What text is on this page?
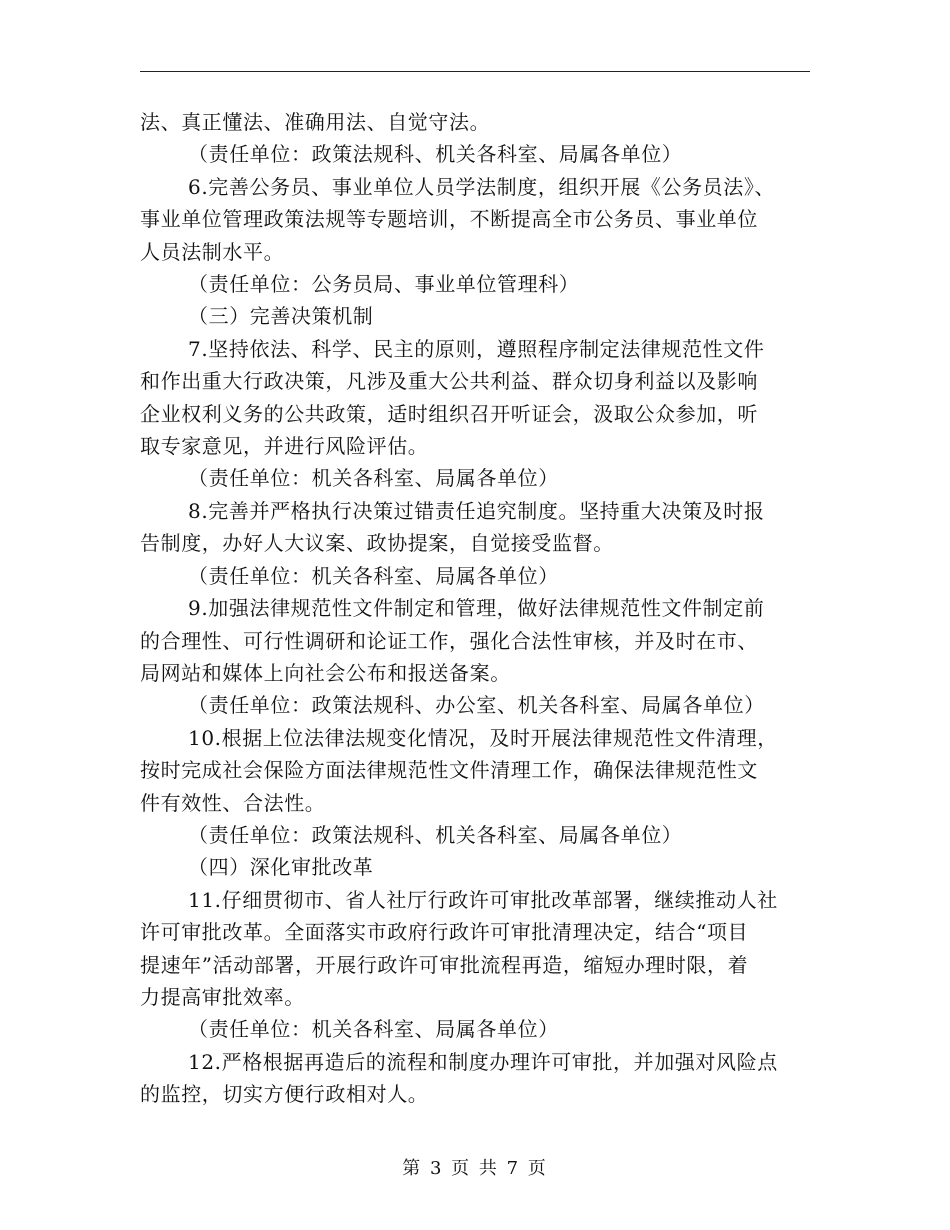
法、真正懂法、准确用法、自觉守法。
（责任单位：政策法规科、机关各科室、局属各单位）
6.完善公务员、事业单位人员学法制度，组织开展《公务员法》、
事业单位管理政策法规等专题培训，不断提高全市公务员、事业单位
人员法制水平。
（责任单位：公务员局、事业单位管理科）
（三）完善决策机制
7.坚持依法、科学、民主的原则，遵照程序制定法律规范性文件
和作出重大行政决策，凡涉及重大公共利益、群众切身利益以及影响
企业权利义务的公共政策，适时组织召开听证会，汲取公众参加，听
取专家意见，并进行风险评估。
（责任单位：机关各科室、局属各单位）
8.完善并严格执行决策过错责任追究制度。坚持重大决策及时报
告制度，办好人大议案、政协提案，自觉接受监督。
（责任单位：机关各科室、局属各单位）
9.加强法律规范性文件制定和管理，做好法律规范性文件制定前
的合理性、可行性调研和论证工作，强化合法性审核，并及时在市、
局网站和媒体上向社会公布和报送备案。
（责任单位：政策法规科、办公室、机关各科室、局属各单位）
10.根据上位法律法规变化情况，及时开展法律规范性文件清理，
按时完成社会保险方面法律规范性文件清理工作，确保法律规范性文
件有效性、合法性。
（责任单位：政策法规科、机关各科室、局属各单位）
（四）深化审批改革
11.仔细贯彻市、省人社厅行政许可审批改革部署，继续推动人社
许可审批改革。全面落实市政府行政许可审批清理决定，结合“项目
提速年”活动部署，开展行政许可审批流程再造，缩短办理时限，着
力提高审批效率。
（责任单位：机关各科室、局属各单位）
12.严格根据再造后的流程和制度办理许可审批，并加强对风险点
的监控，切实方便行政相对人。
第 3 页 共 7 页
